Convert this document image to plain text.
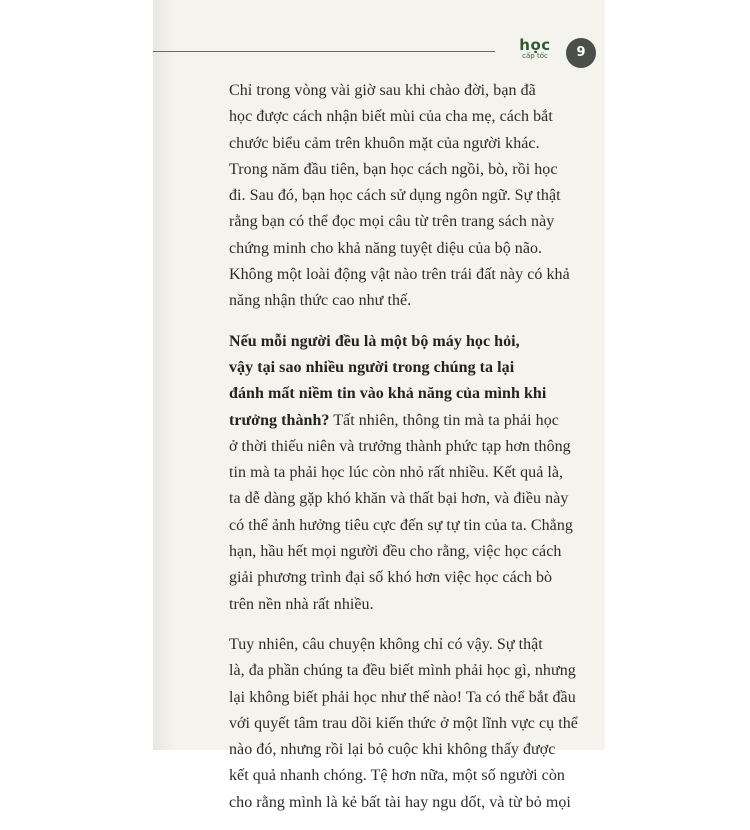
học
cấp tốc	9

Chỉ trong vòng vài giờ sau khi chào đời, bạn đã
học được cách nhận biết mùi của cha mẹ, cách bắt
chước biểu cảm trên khuôn mặt của người khác.
Trong năm đầu tiên, bạn học cách ngồi, bò, rồi học
đi. Sau đó, bạn học cách sử dụng ngôn ngữ. Sự thật
rằng bạn có thể đọc mọi câu từ trên trang sách này
chứng minh cho khả năng tuyệt diệu của bộ não.
Không một loài động vật nào trên trái đất này có khả
năng nhận thức cao như thế.

Nếu mỗi người đều là một bộ máy học hỏi,
vậy tại sao nhiều người trong chúng ta lại
đánh mất niềm tin vào khả năng của mình khi
trưởng thành? Tất nhiên, thông tin mà ta phải học
ở thời thiếu niên và trưởng thành phức tạp hơn thông
tin mà ta phải học lúc còn nhỏ rất nhiều. Kết quả là,
ta dễ dàng gặp khó khăn và thất bại hơn, và điều này
có thể ảnh hưởng tiêu cực đến sự tự tin của ta. Chẳng
hạn, hầu hết mọi người đều cho rằng, việc học cách
giải phương trình đại số khó hơn việc học cách bò
trên nền nhà rất nhiều.

Tuy nhiên, câu chuyện không chỉ có vậy. Sự thật
là, đa phần chúng ta đều biết mình phải học gì, nhưng
lại không biết phải học như thế nào! Ta có thể bắt đầu
với quyết tâm trau dồi kiến thức ở một lĩnh vực cụ thể
nào đó, nhưng rồi lại bỏ cuộc khi không thấy được
kết quả nhanh chóng. Tệ hơn nữa, một số người còn
cho rằng mình là kẻ bất tài hay ngu dốt, và từ bỏ mọi
